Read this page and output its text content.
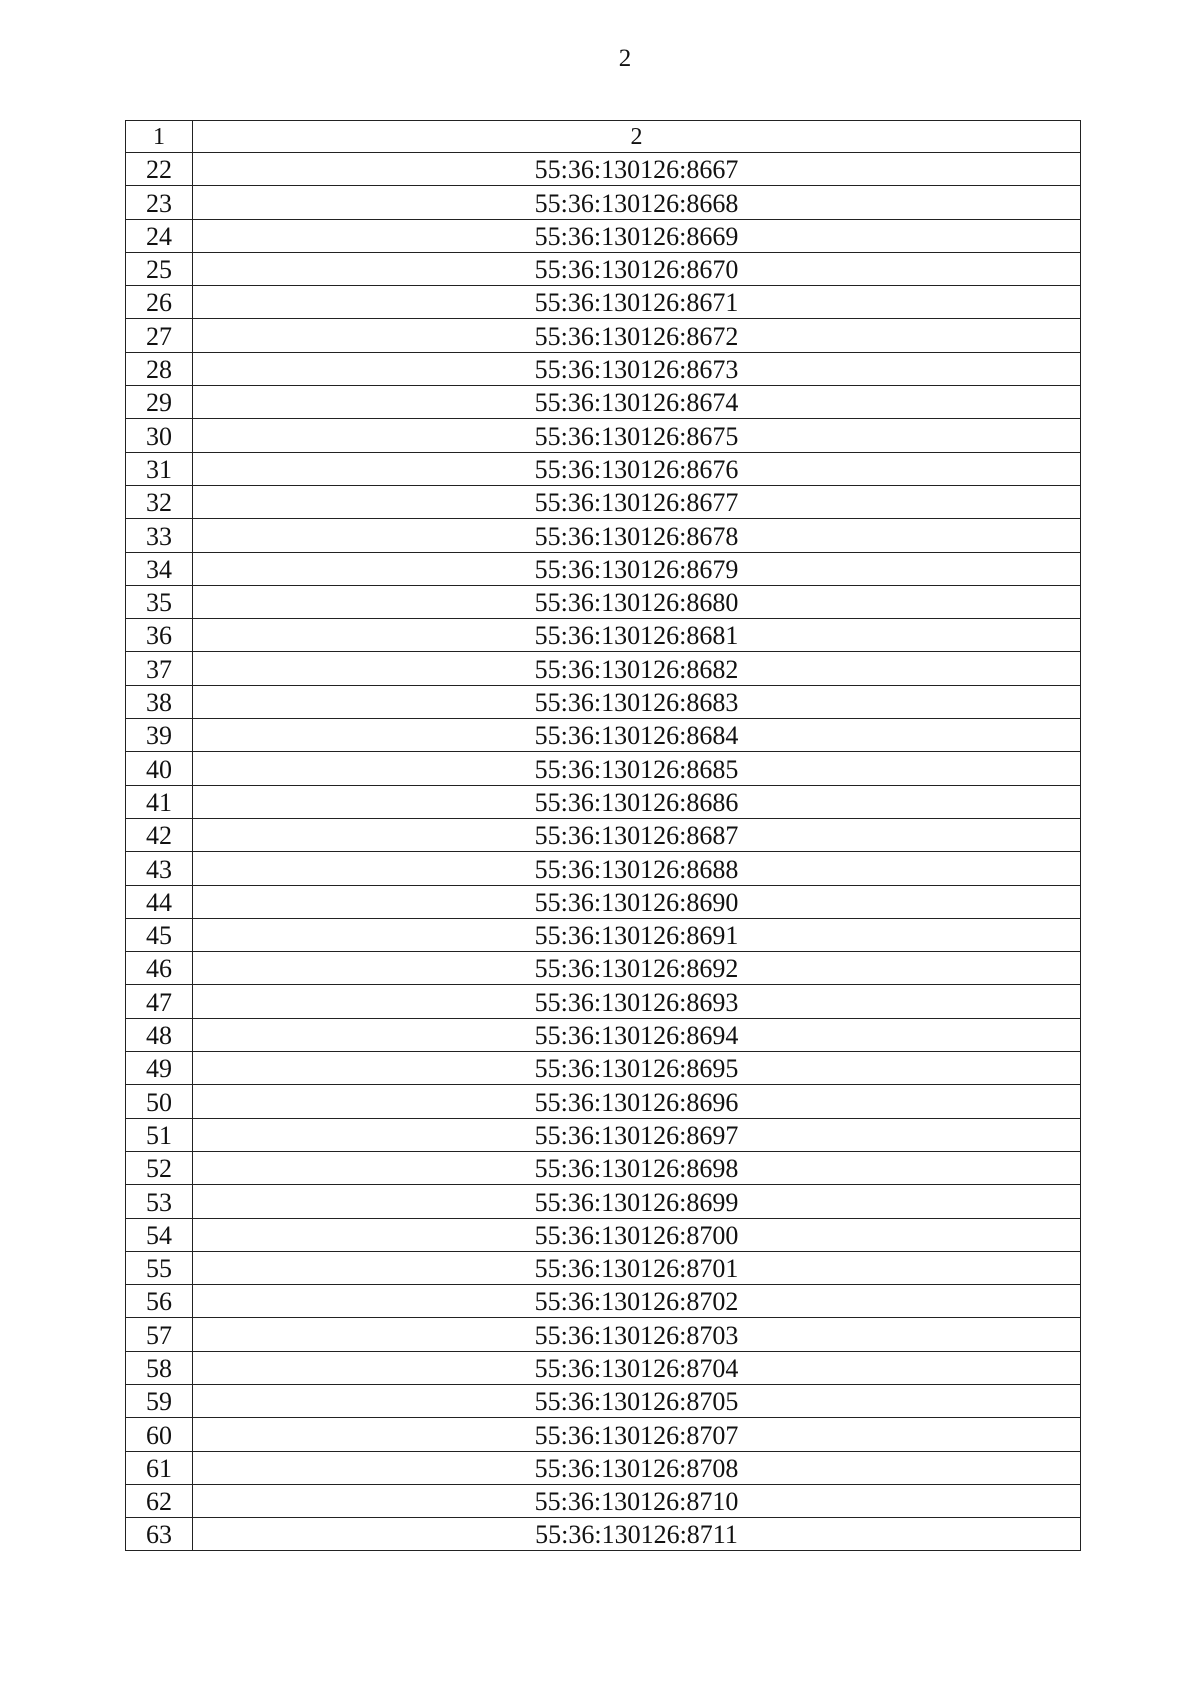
2
1	2
22	55:36:130126:8667
23	55:36:130126:8668
24	55:36:130126:8669
25	55:36:130126:8670
26	55:36:130126:8671
27	55:36:130126:8672
28	55:36:130126:8673
29	55:36:130126:8674
30	55:36:130126:8675
31	55:36:130126:8676
32	55:36:130126:8677
33	55:36:130126:8678
34	55:36:130126:8679
35	55:36:130126:8680
36	55:36:130126:8681
37	55:36:130126:8682
38	55:36:130126:8683
39	55:36:130126:8684
40	55:36:130126:8685
41	55:36:130126:8686
42	55:36:130126:8687
43	55:36:130126:8688
44	55:36:130126:8690
45	55:36:130126:8691
46	55:36:130126:8692
47	55:36:130126:8693
48	55:36:130126:8694
49	55:36:130126:8695
50	55:36:130126:8696
51	55:36:130126:8697
52	55:36:130126:8698
53	55:36:130126:8699
54	55:36:130126:8700
55	55:36:130126:8701
56	55:36:130126:8702
57	55:36:130126:8703
58	55:36:130126:8704
59	55:36:130126:8705
60	55:36:130126:8707
61	55:36:130126:8708
62	55:36:130126:8710
63	55:36:130126:8711
